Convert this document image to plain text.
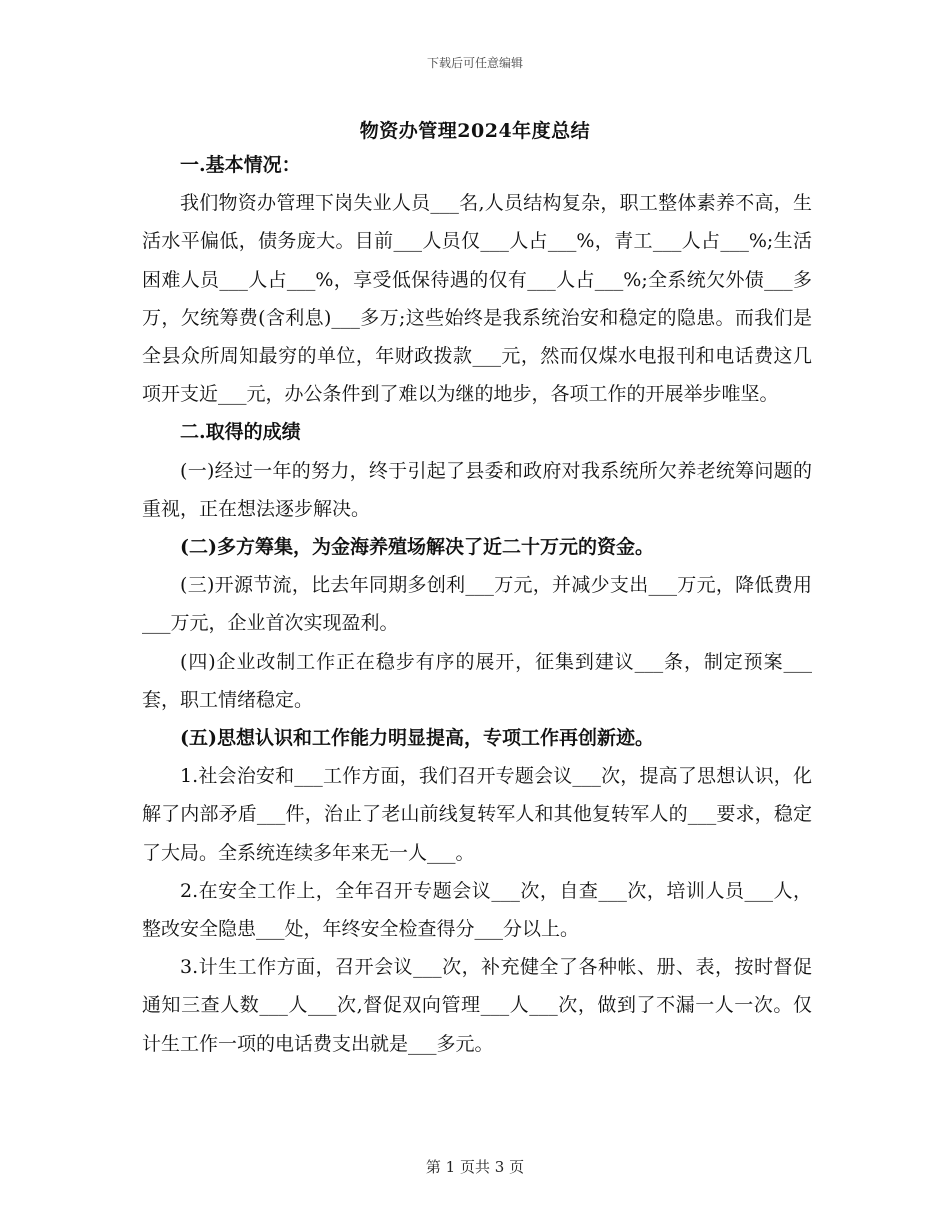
下载后可任意编辑
物资办管理2024年度总结

一.基本情况：

我们物资办管理下岗失业人员___名,人员结构复杂，职工整体素养不高，生活水平偏低，债务庞大。目前___人员仅___人占___%，青工___人占___%;生活困难人员___人占___%，享受低保待遇的仅有___人占___%;全系统欠外债___多万，欠统筹费(含利息)___多万;这些始终是我系统治安和稳定的隐患。而我们是全县众所周知最穷的单位，年财政拨款___元，然而仅煤水电报刊和电话费这几项开支近___元，办公条件到了难以为继的地步，各项工作的开展举步唯坚。

二.取得的成绩

(一)经过一年的努力，终于引起了县委和政府对我系统所欠养老统筹问题的重视，正在想法逐步解决。

(二)多方筹集，为金海养殖场解决了近二十万元的资金。

(三)开源节流，比去年同期多创利___万元，并减少支出___万元，降低费用___万元，企业首次实现盈利。

(四)企业改制工作正在稳步有序的展开，征集到建议___条，制定预案___套，职工情绪稳定。

(五)思想认识和工作能力明显提高，专项工作再创新迹。

1.社会治安和___工作方面，我们召开专题会议___次，提高了思想认识，化解了内部矛盾___件，治止了老山前线复转军人和其他复转军人的___要求，稳定了大局。全系统连续多年来无一人___。

2.在安全工作上，全年召开专题会议___次，自查___次，培训人员___人，整改安全隐患___处，年终安全检查得分___分以上。

3.计生工作方面，召开会议___次，补充健全了各种帐、册、表，按时督促通知三查人数___人___次,督促双向管理___人___次，做到了不漏一人一次。仅计生工作一项的电话费支出就是___多元。

第 1 页共 3 页
